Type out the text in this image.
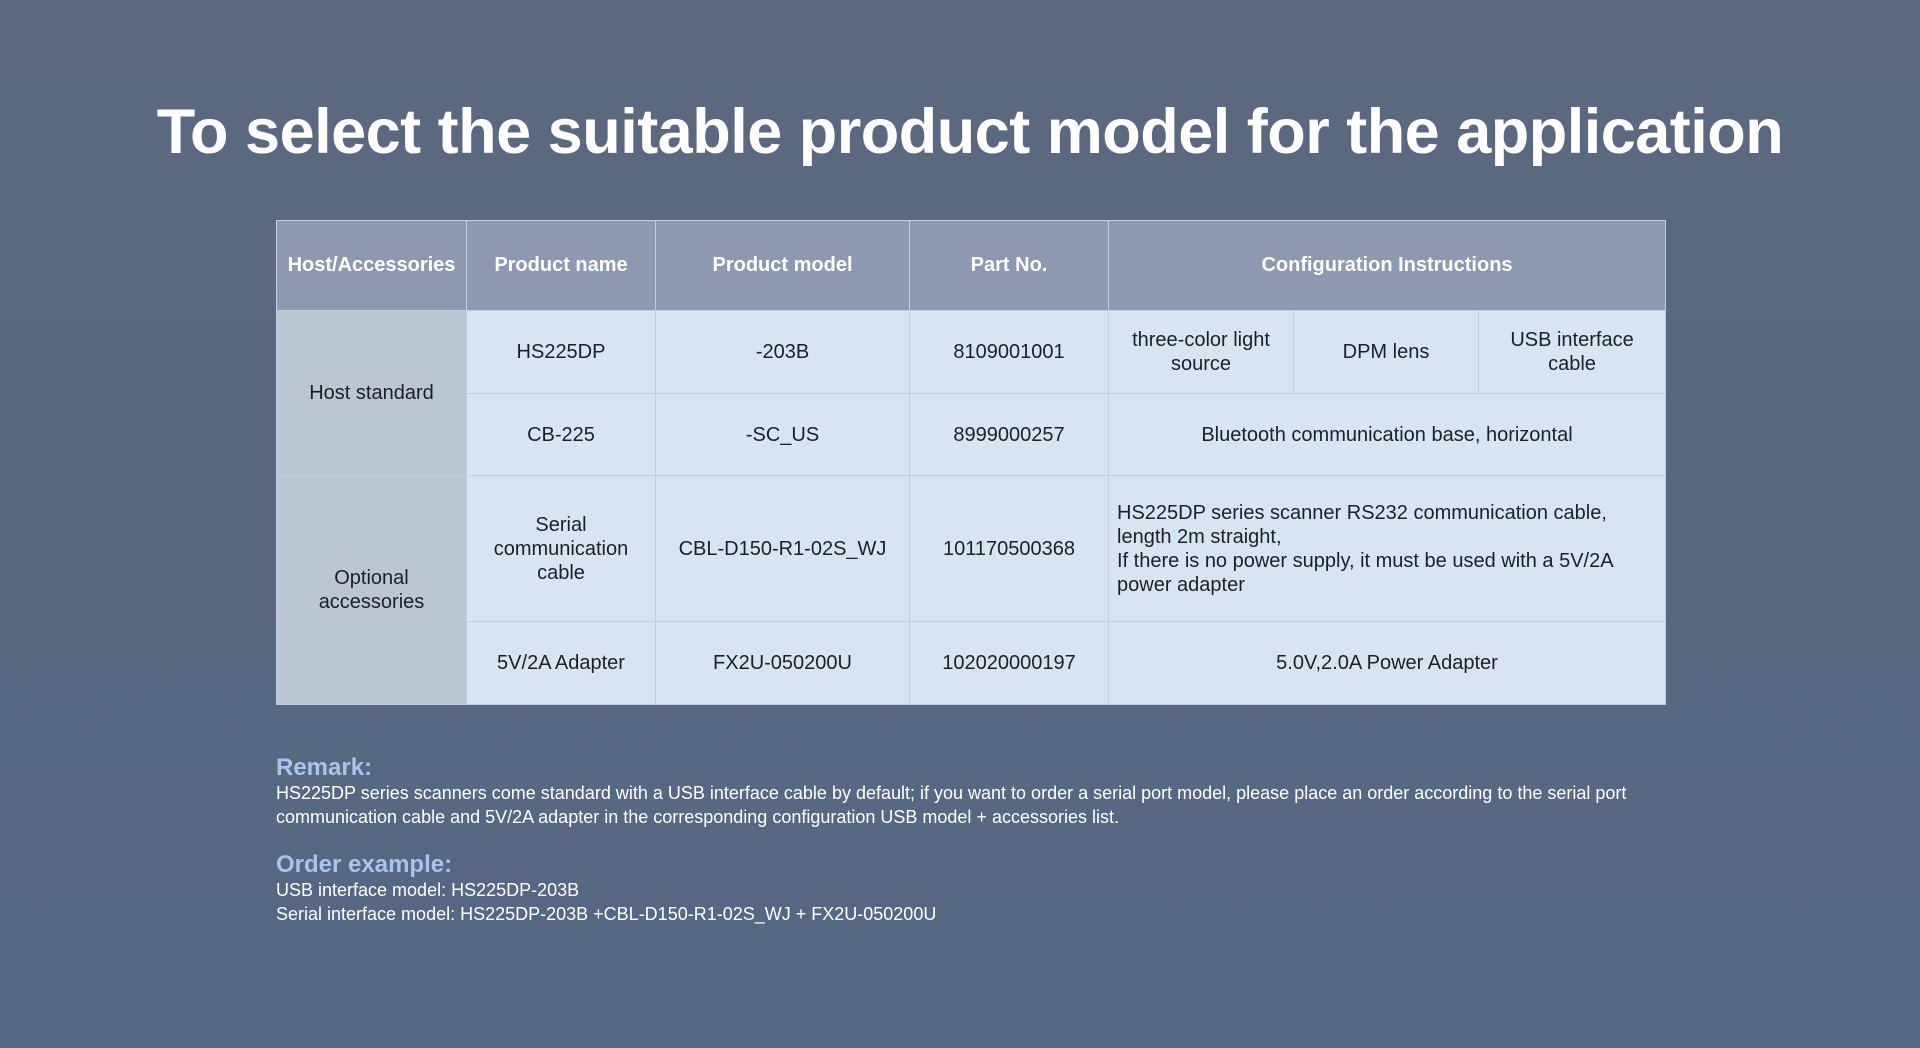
To select the suitable product model for the application
Host/Accessories	Product name	Product model	Part No.	Configuration Instructions		
Host standard	HS225DP	-203B	8109001001	three-color light source	DPM lens	USB interface cable
	CB-225	-SC_US	8999000257	Bluetooth communication base, horizontal		
Optional accessories	Serial communication cable	CBL-D150-R1-02S_WJ	101170500368	HS225DP series scanner RS232 communication cable, length 2m straight,
If there is no power supply, it must be used with a 5V/2A power adapter		

	5V/2A Adapter	FX2U-050200U	102020000197	5.0V,2.0A Power Adapter		
Remark:
HS225DP series scanners come standard with a USB interface cable by default; if you want to order a serial port model, please place an order according to the serial port communication cable and 5V/2A adapter in the corresponding configuration USB model + accessories list.
Order example:
USB interface model: HS225DP-203B
Serial interface model: HS225DP-203B +CBL-D150-R1-02S_WJ + FX2U-050200U
